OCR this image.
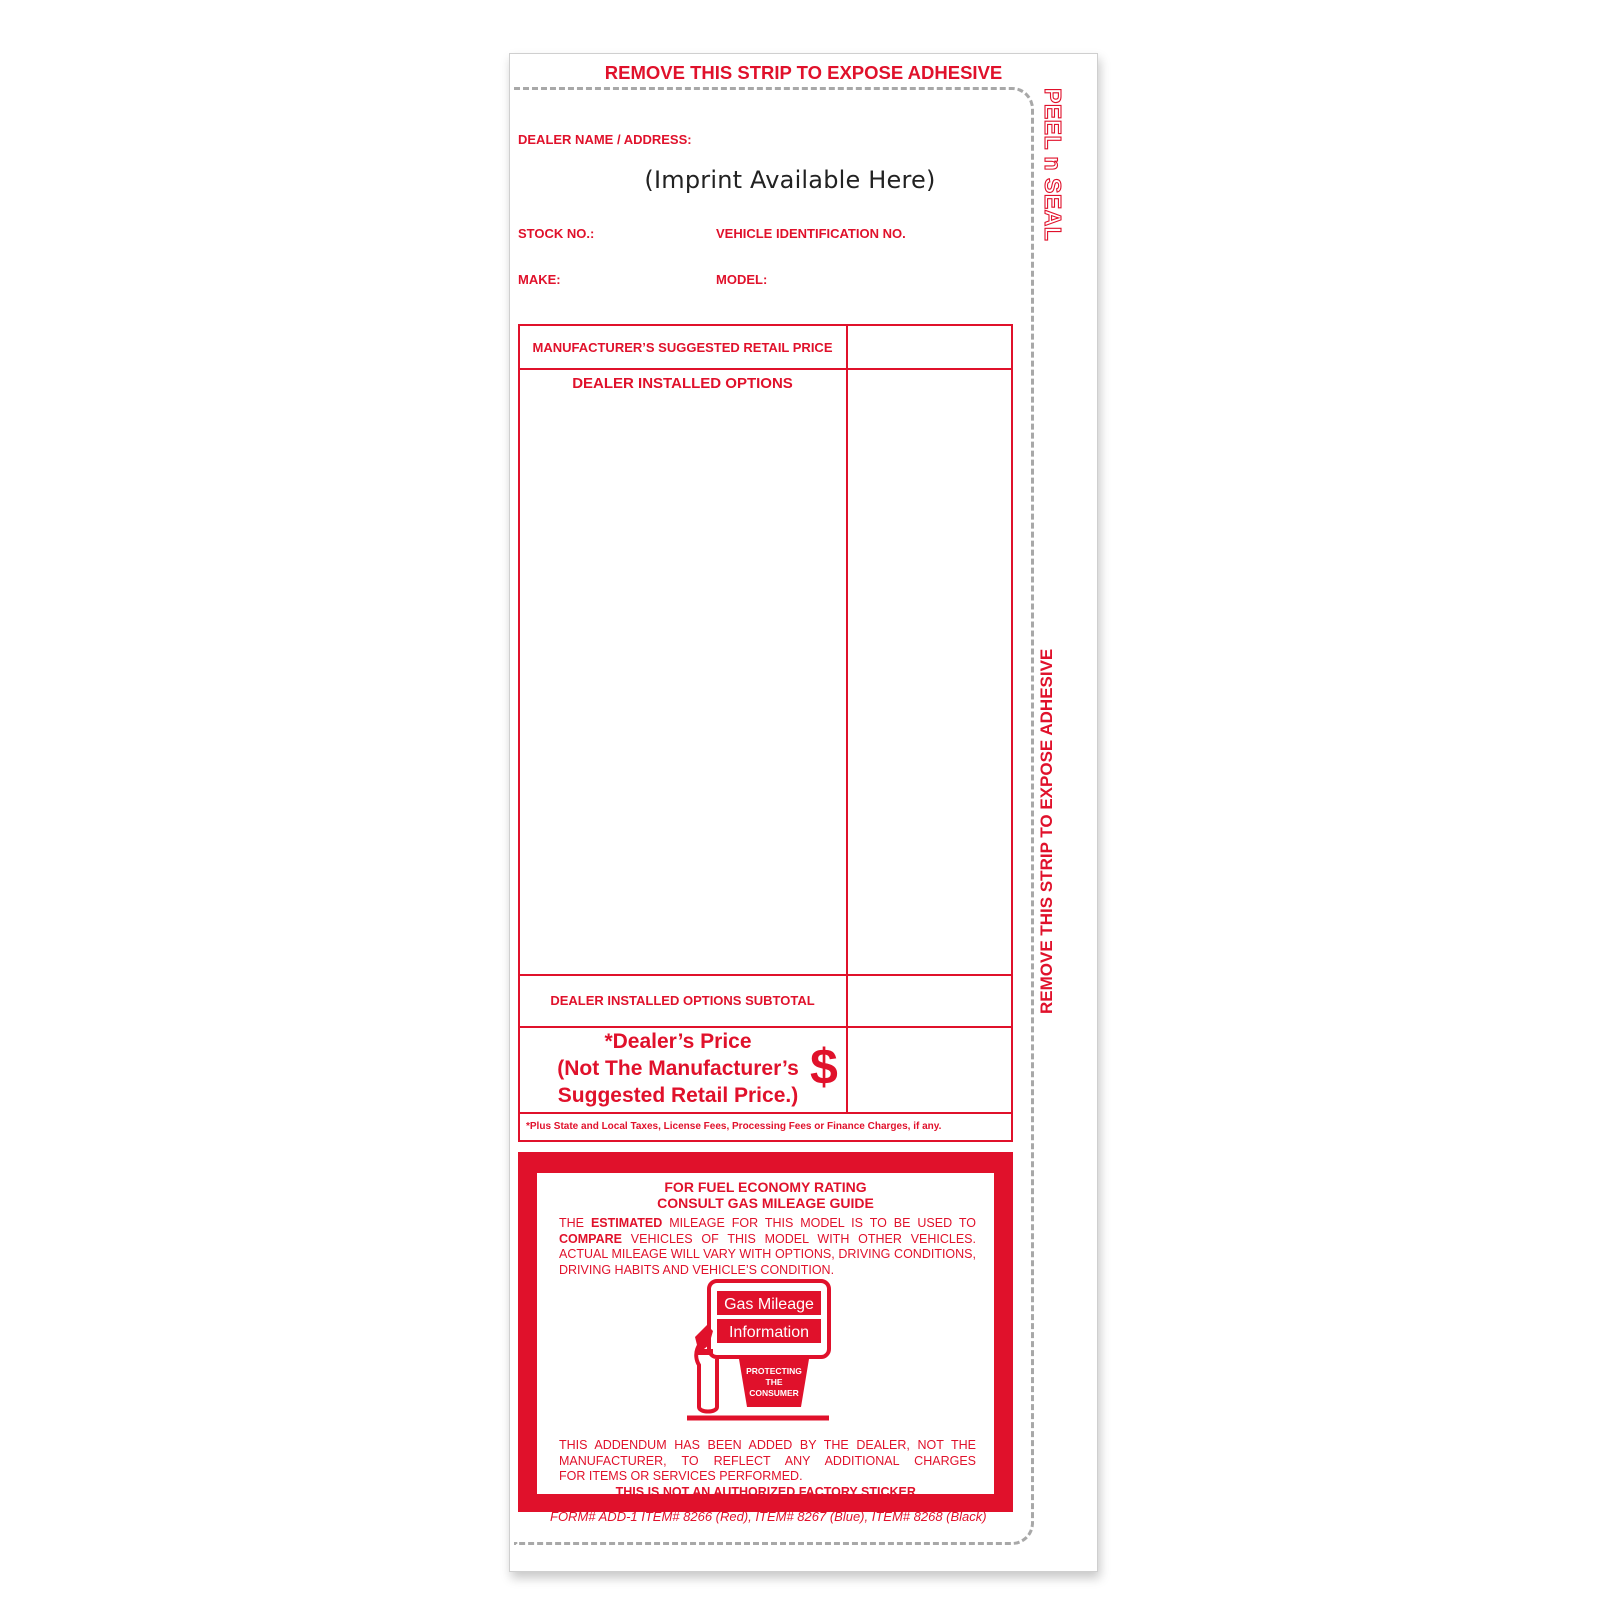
REMOVE THIS STRIP TO EXPOSE ADHESIVE
PEEL n SEAL
REMOVE THIS STRIP TO EXPOSE ADHESIVE
DEALER NAME / ADDRESS:
(Imprint Available Here)
STOCK NO.:	VEHICLE IDENTIFICATION NO.
MAKE:	MODEL:
MANUFACTURER’S SUGGESTED RETAIL PRICE
DEALER INSTALLED OPTIONS
DEALER INSTALLED OPTIONS SUBTOTAL
*Dealer’s Price
(Not The Manufacturer’s
Suggested Retail Price.)
$
*Plus State and Local Taxes, License Fees, Processing Fees or Finance Charges, if any.
FOR FUEL ECONOMY RATING
CONSULT GAS MILEAGE GUIDE
THE ESTIMATED MILEAGE FOR THIS MODEL IS TO BE USED TO
COMPARE VEHICLES OF THIS MODEL WITH OTHER VEHICLES.
ACTUAL MILEAGE WILL VARY WITH OPTIONS, DRIVING CONDITIONS,
DRIVING HABITS AND VEHICLE’S CONDITION.
Gas Mileage
Information
PROTECTING
THE
CONSUMER
THIS ADDENDUM HAS BEEN ADDED BY THE DEALER, NOT THE
MANUFACTURER, TO REFLECT ANY ADDITIONAL CHARGES
FOR ITEMS OR SERVICES PERFORMED.
THIS IS NOT AN AUTHORIZED FACTORY STICKER.
FORM# ADD-1 ITEM# 8266 (Red), ITEM# 8267 (Blue), ITEM# 8268 (Black)
